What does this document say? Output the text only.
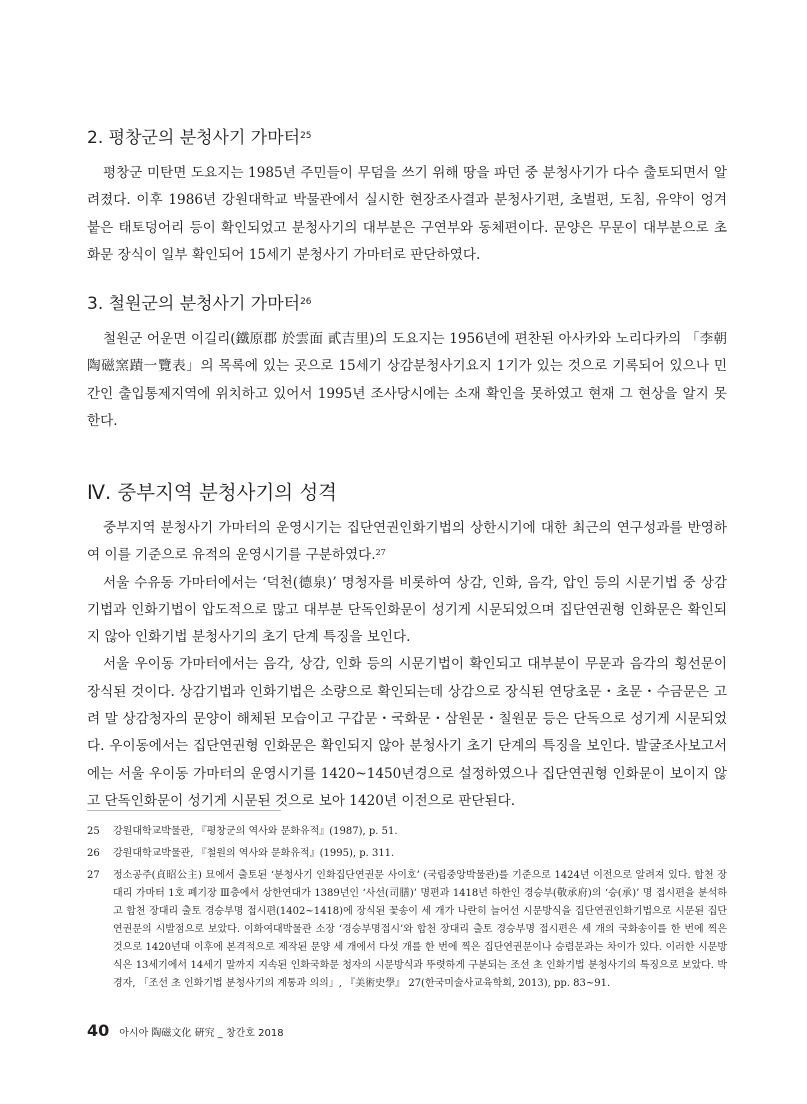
2. 평창군의 분청사기 가마터$^{25}$

평창군 미탄면 도요지는 1985년 주민들이 무덤을 쓰기 위해 땅을 파던 중 분청사기가 다수 출토되면서 알려졌다. 이후 1986년 강원대학교 박물관에서 실시한 현장조사결과 분청사기편, 초벌편, 도침, 유약이 엉겨 붙은 태토덩어리 등이 확인되었고 분청사기의 대부분은 구연부와 동체편이다. 문양은 무문이 대부분으로 초화문 장식이 일부 확인되어 15세기 분청사기 가마터로 판단하였다.

3. 철원군의 분청사기 가마터$^{26}$

철원군 어운면 이길리(鐵原郡 於雲面 貳吉里)의 도요지는 1956년에 편찬된 아사카와 노리다카의 「李朝陶磁窯蹟一覽表」의 목록에 있는 곳으로 15세기 상감분청사기요지 1기가 있는 것으로 기록되어 있으나 민간인 출입통제지역에 위치하고 있어서 1995년 조사당시에는 소재 확인을 못하였고 현재 그 현상을 알지 못한다.

Ⅳ. 중부지역 분청사기의 성격

중부지역 분청사기 가마터의 운영시기는 집단연권인화기법의 상한시기에 대한 최근의 연구성과를 반영하여 이를 기준으로 유적의 운영시기를 구분하였다.$^{27}$

서울 수유동 가마터에서는 ‘덕천(德泉)’ 명청자를 비롯하여 상감, 인화, 음각, 압인 등의 시문기법 중 상감기법과 인화기법이 압도적으로 많고 대부분 단독인화문이 성기게 시문되었으며 집단연권형 인화문은 확인되지 않아 인화기법 분청사기의 초기 단계 특징을 보인다.

서울 우이동 가마터에서는 음각, 상감, 인화 등의 시문기법이 확인되고 대부분이 무문과 음각의 횡선문이 장식된 것이다. 상감기법과 인화기법은 소량으로 확인되는데 상감으로 장식된 연당초문・초문・수금문은 고려 말 상감청자의 문양이 해체된 모습이고 구갑문・국화문・삼원문・칠원문 등은 단독으로 성기게 시문되었다. 우이동에서는 집단연권형 인화문은 확인되지 않아 분청사기 초기 단계의 특징을 보인다. 발굴조사보고서에는 서울 우이동 가마터의 운영시기를 1420~1450년경으로 설정하였으나 집단연권형 인화문이 보이지 않고 단독인화문이 성기게 시문된 것으로 보아 1420년 이전으로 판단된다.

25 강원대학교박물관, 『평창군의 역사와 문화유적』(1987), p. 51.
26 강원대학교박물관, 『철원의 역사와 문화유적』(1995), p. 311.
27 정소공주(貞昭公主) 묘에서 출토된 ‘분청사기 인화집단연권문 사이호’ (국립중앙박물관)를 기준으로 1424년 이전으로 알려져 있다. 합천 장대리 가마터 1호 폐기장 Ⅲ층에서 상한연대가 1389년인 ‘사선(司膳)’ 명편과 1418년 하한인 경승부(敬承府)의 ‘승(承)’ 명 접시편을 분석하고 합천 장대리 출토 경승부명 접시편(1402~1418)에 장식된 꽃송이 세 개가 나란히 늘어선 시문방식을 집단연권인화기법으로 시문된 집단연권문의 시발점으로 보았다. 이화여대박물관 소장 ‘경승부명접시’와 합천 장대리 출토 경승부명 접시편은 세 개의 국화송이를 한 번에 찍은 것으로 1420년대 이후에 본격적으로 제작된 문양 세 개에서 다섯 개를 한 번에 찍은 집단연권문이나 승렴문과는 차이가 있다. 이러한 시문방식은 13세기에서 14세기 말까지 지속된 인화국화문 청자의 시문방식과 뚜렷하게 구분되는 조선 초 인화기법 분청사기의 특징으로 보았다. 박경자, 「조선 초 인화기법 분청사기의 계통과 의의」, 『美術史學』 27(한국미술사교육학회, 2013), pp. 83~91.
40 아시아 陶磁文化 硏究 _ 창간호 2018
